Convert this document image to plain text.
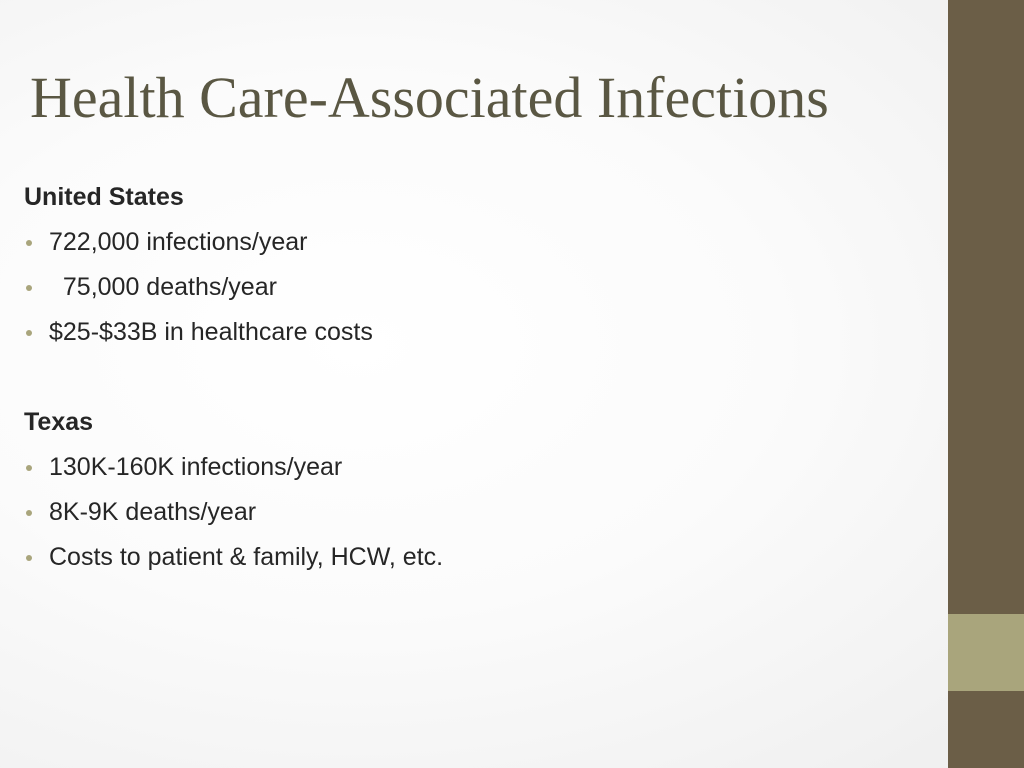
Health Care-Associated Infections

United States

722,000 infections/year
75,000 deaths/year
$25-$33B in healthcare costs

Texas

130K-160K infections/year
8K-9K deaths/year
Costs to patient & family, HCW, etc.
